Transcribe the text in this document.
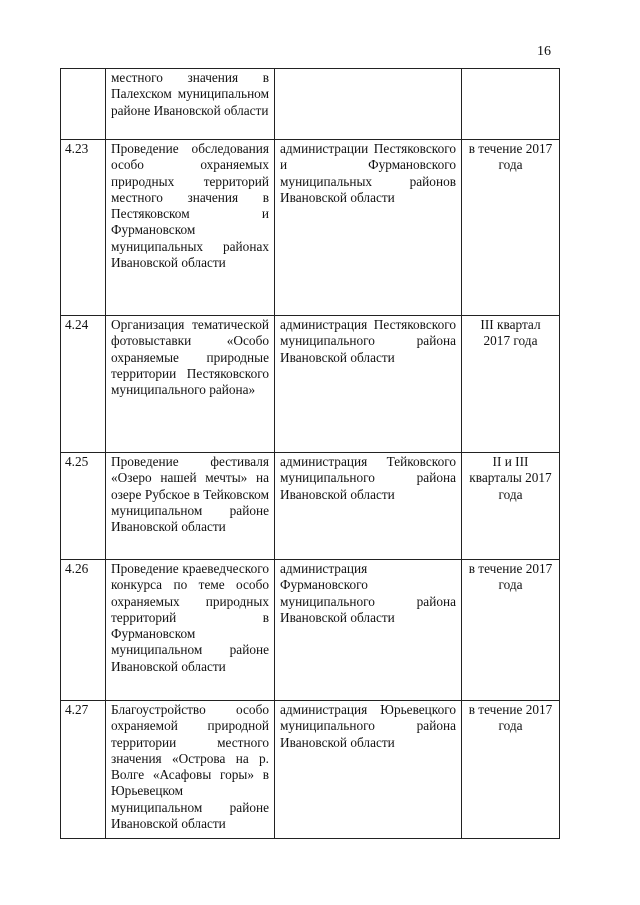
16
	местного значения в Палехском муниципальном районе Ивановской области		
4.23	Проведение обследования особо охраняемых природных территорий местного значения в Пестяковском и Фурмановском муниципальных районах Ивановской области	администрации Пестяковского и Фурмановского муниципальных районов Ивановской области	в течение 2017 года
4.24	Организация тематической фотовыставки «Особо охраняемые природные территории Пестяковского муниципального района»	администрация Пестяковского муниципального района Ивановской области	III квартал 2017 года
4.25	Проведение фестиваля «Озеро нашей мечты» на озере Рубское в Тейковском муниципальном районе Ивановской области	администрация Тейковского муниципального района Ивановской области	II и III кварталы 2017 года
4.26	Проведение краеведческого конкурса по теме особо охраняемых природных территорий в Фурмановском муниципальном районе Ивановской области	администрация Фурмановского муниципального района Ивановской области	в течение 2017 года
4.27	Благоустройство особо охраняемой природной территории местного значения «Острова на р. Волге «Асафовы горы» в Юрьевецком муниципальном районе Ивановской области	администрация Юрьевецкого муниципального района Ивановской области	в течение 2017 года
